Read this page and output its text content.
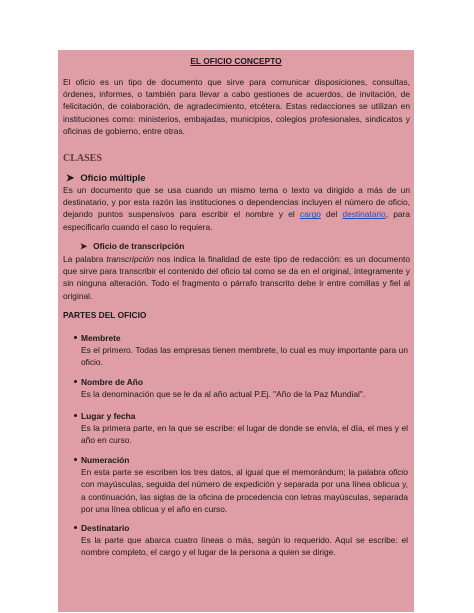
EL OFICIO CONCEPTO
El oficio es un tipo de documento que sirve para comunicar disposiciones, consultas, órdenes, informes, o también para llevar a cabo gestiones de acuerdos, de invitación, de felicitación, de colaboración, de agradecimiento, etcétera. Estas redacciones se utilizan en instituciones como: ministerios, embajadas, municipios, colegios profesionales, sindicatos y oficinas de gobierno, entre otras.
CLASES
➤ Oficio múltiple
Es un documento que se usa cuando un mismo tema o texto va dirigido a más de un destinatario, y por esta razón las instituciones o dependencias incluyen el número de oficio, dejando puntos suspensivos para escribir el nombre y el cargo del destinatario, para especificarlo cuando el caso lo requiera.
➤ Oficio de transcripción
La palabra transcripción nos indica la finalidad de este tipo de redacción: es un documento que sirve para transcribir el contenido del oficio tal como se da en el original, íntegramente y sin ninguna alteración. Todo el fragmento o párrafo transcrito debe ir entre comillas y fiel al original.
PARTES DEL OFICIO
Membrete
Es el primero. Todas las empresas tienen membrete, lo cual es muy importante para un oficio.
Nombre de Año
Es la denominación que se le da al año actual P.Ej. "Año de la Paz Mundial".
Lugar y fecha
Es la primera parte, en la que se escribe: el lugar de donde se envía, el día, el mes y el año en curso.
Numeración
En esta parte se escriben los tres datos, al igual que el memorándum; la palabra oficio con mayúsculas, seguida del número de expedición y separada por una línea oblicua y, a continuación, las siglas de la oficina de procedencia con letras mayúsculas, separada por una línea oblicua y el año en curso.
Destinatario
Es la parte que abarca cuatro líneas o más, según lo requerido. Aquí se escribe: el nombre completo, el cargo y el lugar de la persona a quien se dirige.
